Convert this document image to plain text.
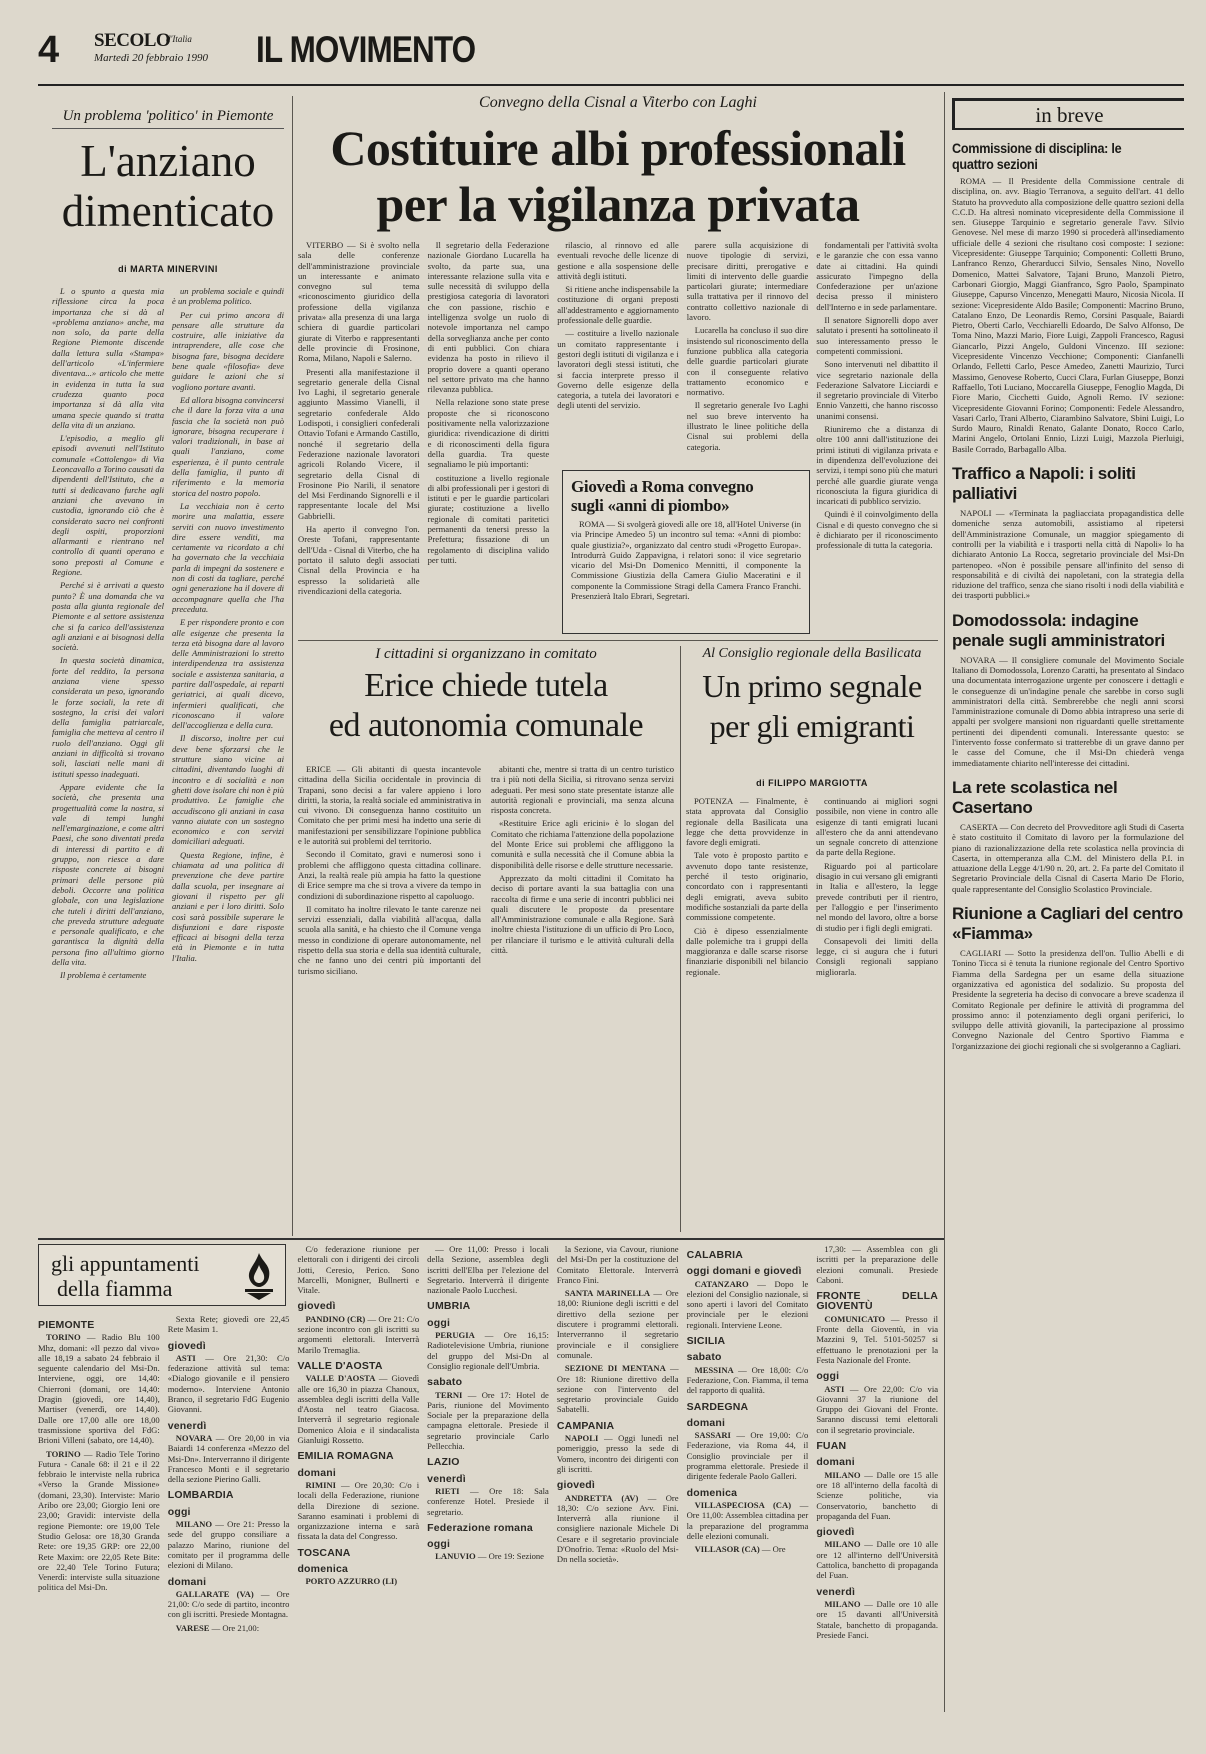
4 SECOLO
d'Italia
Martedì 20 febbraio 1990 IL MOVIMENTO
Un problema 'politico' in Piemonte
L'anziano
dimenticato
di MARTA MINERVINI

L o spunto a questa mia riflessione circa la poca importanza che si dà al «problema anziano» anche, ma non solo, da parte della Regione Piemonte discende dalla lettura sulla «Stampa» dell'articolo «L'infermiere diventava...» articolo che mette in evidenza in tutta la sua crudezza quanto poca importanza si dà alla vita umana specie quando si tratta della vita di un anziano.

L'episodio, a meglio gli episodi avvenuti nell'Istituto comunale «Cottolengo» di Via Leoncavallo a Torino causati da dipendenti dell'Istituto, che a tutti si dedicavano furche agli anziani che avevano in custodia, ignorando ciò che è considerato sacro nei confronti degli ospiti, proporzioni allarmanti e rientrano nel controllo di quanti operano e sono preposti al Comune e Regione.

Perché si è arrivati a questo punto? È una domanda che va posta alla giunta regionale del Piemonte e al settore assistenza che si fa carico dell'assistenza agli anziani e ai bisognosi della società.

In questa società dinamica, forte del reddito, la persona anziana viene spesso considerata un peso, ignorando le forze sociali, la rete di sostegno, la crisi dei valori della famiglia patriarcale, famiglia che metteva al centro il ruolo dell'anziano. Oggi gli anziani in difficoltà si trovano soli, lasciati nelle mani di istituti spesso inadeguati.

Appare evidente che la società, che presenta una progettualità come la nostra, si vale di tempi lunghi nell'emarginazione, e come altri Paesi, che sono diventati preda di interessi di partito e di gruppo, non riesce a dare risposte concrete ai bisogni primari delle persone più deboli. Occorre una politica globale, con una legislazione che tuteli i diritti dell'anziano, che preveda strutture adeguate e personale qualificato, e che garantisca la dignità della persona fino all'ultimo giorno della vita.

Il problema è certamente

un problema sociale e quindi è un problema politico.

Per cui primo ancora di pensare alle strutture da costruire, alle iniziative da intraprendere, alle cose che bisogna fare, bisogna decidere bene quale «filosofia» deve guidare le azioni che si vogliono portare avanti.

Ed allora bisogna convincersi che il dare la forza vita a una fascia che la società non può ignorare, bisogna recuperare i valori tradizionali, in base ai quali l'anziano, come esperienza, è il punto centrale della famiglia, il punto di riferimento e la memoria storica del nostro popolo.

La vecchiaia non è certo morire una malattia, essere serviti con nuovo investimento dire essere venditi, ma certamente va ricordato a chi ha governato che la vecchiaia parla di impegni da sostenere e non di costi da tagliare, perché ogni generazione ha il dovere di accompagnare quella che l'ha preceduta.

E per rispondere pronto e con alle esigenze che presenta la terza età bisogna dare al lavoro delle Amministrazioni lo stretto interdipendenza tra assistenza sociale e assistenza sanitaria, a partire dall'ospedale, ai reparti geriatrici, ai quali dicevo, infermieri qualificati, che riconoscano il valore dell'accoglienza e della cura.

Il discorso, inoltre per cui deve bene sforzarsi che le strutture siano vicine ai cittadini, diventando luoghi di incontro e di socialità e non ghetti dove isolare chi non è più produttivo. Le famiglie che accudiscono gli anziani in casa vanno aiutate con un sostegno economico e con servizi domiciliari adeguati.

Questa Regione, infine, è chiamata ad una politica di prevenzione che deve partire dalla scuola, per insegnare ai giovani il rispetto per gli anziani e per i loro diritti. Solo così sarà possibile superare le disfunzioni e dare risposte efficaci ai bisogni della terza età in Piemonte e in tutta l'Italia.

Convegno della Cisnal a Viterbo con Laghi
Costituire albi professionali
per la vigilanza privata

VITERBO — Si è svolto nella sala delle conferenze dell'amministrazione provinciale un interessante e animato convegno sul tema «riconoscimento giuridico della professione della vigilanza privata» alla presenza di una larga schiera di guardie particolari giurate di Viterbo e rappresentanti delle provincie di Frosinone, Roma, Milano, Napoli e Salerno.

Presenti alla manifestazione il segretario generale della Cisnal Ivo Laghi, il segretario generale aggiunto Massimo Vianelli, il segretario confederale Aldo Lodispoti, i consiglieri confederali Ottavio Tofani e Armando Castillo, nonché il segretario della Federazione nazionale lavoratori agricoli Rolando Vicere, il segretario della Cisnal di Frosinone Pio Narili, il senatore del Msi Ferdinando Signorelli e il rappresentante locale del Msi Gabbrielli.

Ha aperto il convegno l'on. Oreste Tofani, rappresentante dell'Uda - Cisnal di Viterbo, che ha portato il saluto degli associati Cisnal della Provincia e ha espresso la solidarietà alle rivendicazioni della categoria.

Il segretario della Federazione nazionale Giordano Lucarella ha svolto, da parte sua, una interessante relazione sulla vita e sulle necessità di sviluppo della prestigiosa categoria di lavoratori che con passione, rischio e intelligenza svolge un ruolo di notevole importanza nel campo della sorveglianza anche per conto di enti pubblici. Con chiara evidenza ha posto in rilievo il proprio dovere a quanti operano nel settore privato ma che hanno rilevanza pubblica.

Nella relazione sono state prese proposte che si riconoscono positivamente nella valorizzazione giuridica: rivendicazione di diritti e di riconoscimenti della figura della guardia. Tra queste segnaliamo le più importanti:

costituzione a livello regionale di albi professionali per i gestori di istituti e per le guardie particolari giurate; costituzione a livello regionale di comitati paritetici permanenti da tenersi presso la Prefettura; fissazione di un regolamento di disciplina valido per tutti.

rilascio, al rinnovo ed alle eventuali revoche delle licenze di gestione e alla sospensione delle attività degli istituti.

Si ritiene anche indispensabile la costituzione di organi preposti all'addestramento e aggiornamento professionale delle guardie.

— costituire a livello nazionale un comitato rappresentante i gestori degli istituti di vigilanza e i lavoratori degli stessi istituti, che si faccia interprete presso il Governo delle esigenze della categoria, a tutela dei lavoratori e degli utenti del servizio.

parere sulla acquisizione di nuove tipologie di servizi, precisare diritti, prerogative e limiti di intervento delle guardie particolari giurate; intermediare sulla trattativa per il rinnovo del contratto collettivo nazionale di lavoro.

Lucarella ha concluso il suo dire insistendo sul riconoscimento della funzione pubblica alla categoria delle guardie particolari giurate con il conseguente relativo trattamento economico e normativo.

Il segretario generale Ivo Laghi nel suo breve intervento ha illustrato le linee politiche della Cisnal sui problemi della categoria.

fondamentali per l'attività svolta e le garanzie che con essa vanno date ai cittadini. Ha quindi assicurato l'impegno della Confederazione per un'azione decisa presso il ministero dell'Interno e in sede parlamentare.

Il senatore Signorelli dopo aver salutato i presenti ha sottolineato il suo interessamento presso le competenti commissioni.

Sono intervenuti nel dibattito il vice segretario nazionale della Federazione Salvatore Licciardi e il segretario provinciale di Viterbo Ennio Vanzetti, che hanno riscosso unanimi consensi.

Riuniremo che a distanza di oltre 100 anni dall'istituzione dei primi istituti di vigilanza privata e in dipendenza dell'evoluzione dei servizi, i tempi sono più che maturi perché alle guardie giurate venga riconosciuta la figura giuridica di incaricati di pubblico servizio.

Quindi è il coinvolgimento della Cisnal e di questo convegno che si è dichiarato per il riconoscimento professionale di tutta la categoria.

Giovedì a Roma convegno
sugli «anni di piombo»
ROMA — Si svolgerà giovedì alle ore 18, all'Hotel Universe (in via Principe Amedeo 5) un incontro sul tema: «Anni di piombo: quale giustizia?», organizzato dal centro studi «Progetto Europa». Introdurrà Guido Zappavigna, i relatori sono: il vice segretario vicario del Msi-Dn Domenico Mennitti, il componente la Commissione Giustizia della Camera Giulio Maceratini e il componente la Commissione Stragi della Camera Franco Franchi. Presenzierà Italo Ebrari, Segretari.
I cittadini si organizzano in comitato
Erice chiede tutela
ed autonomia comunale

ERICE — Gli abitanti di questa incantevole cittadina della Sicilia occidentale in provincia di Trapani, sono decisi a far valere appieno i loro diritti, la storia, la realtà sociale ed amministrativa in cui vivono. Di conseguenza hanno costituito un Comitato che per primi mesi ha indetto una serie di manifestazioni per sensibilizzare l'opinione pubblica e le autorità sui problemi del territorio.

Secondo il Comitato, gravi e numerosi sono i problemi che affliggono questa cittadina collinare. Anzi, la realtà reale più ampia ha fatto la questione di Erice sempre ma che si trova a vivere da tempo in condizioni di subordinazione rispetto al capoluogo.

Il comitato ha inoltre rilevato le tante carenze nei servizi essenziali, dalla viabilità all'acqua, dalla scuola alla sanità, e ha chiesto che il Comune venga messo in condizione di operare autonomamente, nel rispetto della sua storia e della sua identità culturale, che ne fanno uno dei centri più importanti del turismo siciliano.

abitanti che, mentre si tratta di un centro turistico tra i più noti della Sicilia, si ritrovano senza servizi adeguati. Per mesi sono state presentate istanze alle autorità regionali e provinciali, ma senza alcuna risposta concreta.

«Restituire Erice agli ericini» è lo slogan del Comitato che richiama l'attenzione della popolazione del Monte Erice sui problemi che affliggono la comunità e sulla necessità che il Comune abbia la disponibilità delle risorse e delle strutture necessarie.

Apprezzato da molti cittadini il Comitato ha deciso di portare avanti la sua battaglia con una raccolta di firme e una serie di incontri pubblici nei quali discutere le proposte da presentare all'Amministrazione comunale e alla Regione. Sarà inoltre chiesta l'istituzione di un ufficio di Pro Loco, per rilanciare il turismo e le attività culturali della città.

Al Consiglio regionale della Basilicata
Un primo segnale
per gli emigranti
di FILIPPO MARGIOTTA

POTENZA — Finalmente, è stata approvata dal Consiglio regionale della Basilicata una legge che detta provvidenze in favore degli emigrati.

Tale voto è proposto partito e avvenuto dopo tante resistenze, perché il testo originario, concordato con i rappresentanti degli emigrati, aveva subito modifiche sostanziali da parte della commissione competente.

Ciò è dipeso essenzialmente dalle polemiche tra i gruppi della maggioranza e dalle scarse risorse finanziarie disponibili nel bilancio regionale.

continuando ai migliori sogni possibile, non viene in contro alle esigenze di tanti emigrati lucani all'estero che da anni attendevano un segnale concreto di attenzione da parte della Regione.

Riguardo poi al particolare disagio in cui versano gli emigranti in Italia e all'estero, la legge prevede contributi per il rientro, per l'alloggio e per l'inserimento nel mondo del lavoro, oltre a borse di studio per i figli degli emigrati.

Consapevoli dei limiti della legge, ci si augura che i futuri Consigli regionali sappiano migliorarla.

in breve
Commissione di disciplina: le quattro sezioni
ROMA — Il Presidente della Commissione centrale di disciplina, on. avv. Biagio Terranova, a seguito dell'art. 41 dello Statuto ha provveduto alla composizione delle quattro sezioni della C.C.D. Ha altresì nominato vicepresidente della Commissione il sen. Giuseppe Tarquinio e segretario generale l'avv. Silvio Genovese. Nel mese di marzo 1990 si procederà all'insediamento ufficiale delle 4 sezioni che risultano così composte: I sezione: Vicepresidente: Giuseppe Tarquinio; Componenti: Colletti Bruno, Lanfranco Renzo, Gherarducci Silvio, Sensales Nino, Novello Domenico, Mattei Salvatore, Tajani Bruno, Manzoli Pietro, Carbonari Giorgio, Maggi Gianfranco, Sgro Paolo, Spampinato Giuseppe, Capurso Vincenzo, Menegatti Mauro, Nicosia Nicola. II sezione: Vicepresidente Aldo Basile; Componenti: Macrino Bruno, Catalano Enzo, De Leonardis Remo, Corsini Pasquale, Baiardi Pietro, Oberti Carlo, Vecchiarelli Edoardo, De Salvo Alfonso, De Toma Nino, Mazzi Mario, Fiore Luigi, Zappoli Francesco, Ragusi Giancarlo, Pizzi Angelo, Guldoni Vincenzo. III sezione: Vicepresidente Vincenzo Vecchione; Componenti: Cianfanelli Orlando, Felletti Carlo, Pesce Amedeo, Zanetti Maurizio, Turci Massimo, Genovese Roberto, Cucci Clara, Furlan Giuseppe, Bonzi Raffaello, Toti Luciano, Moccarella Giuseppe, Fenoglio Magda, Di Fiore Mario, Cicchetti Guido, Agnoli Remo. IV sezione: Vicepresidente Giovanni Forino; Componenti: Fedele Alessandro, Vasari Carlo, Trani Alberto, Ciarambino Salvatore, Sbini Luigi, Lo Surdo Mauro, Rinaldi Renato, Galante Donato, Rocco Carlo, Marini Angelo, Ortolani Ennio, Lizzi Luigi, Mazzola Pierluigi, Basile Corrado, Barbagallo Alba.
Traffico a Napoli: i soliti palliativi
NAPOLI — «Terminata la pagliacciata propagandistica delle domeniche senza automobili, assistiamo al ripetersi dell'Amministrazione Comunale, un maggior spiegamento di controlli per la viabilità e i trasporti nella città di Napoli» lo ha dichiarato Antonio La Rocca, segretario provinciale del Msi-Dn partenopeo. «Non è possibile pensare all'infinito del senso di responsabilità e di civiltà dei napoletani, con la strategia della riduzione del traffico, senza che siano risolti i nodi della viabilità e dei trasporti pubblici.»
Domodossola: indagine penale sugli amministratori
NOVARA — Il consigliere comunale del Movimento Sociale Italiano di Domodossola, Lorenzo Caratti, ha presentato al Sindaco una documentata interrogazione urgente per conoscere i dettagli e le conseguenze di un'indagine penale che sarebbe in corso sugli amministratori della città. Sembrerebbe che negli anni scorsi l'amministrazione comunale di Domo abbia intrapreso una serie di appalti per svolgere mansioni non riguardanti quelle strettamente pertinenti dei dipendenti comunali. Interessante questo: se l'intervento fosse confermato si tratterebbe di un grave danno per le casse del Comune, che il Msi-Dn chiederà venga immediatamente chiarito nell'interesse dei cittadini.
La rete scolastica nel Casertano
CASERTA — Con decreto del Provveditore agli Studi di Caserta è stato costituito il Comitato di lavoro per la formulazione del piano di razionalizzazione della rete scolastica nella provincia di Caserta, in ottemperanza alla C.M. del Ministero della P.I. in attuazione della Legge 4/1/90 n. 20, art. 2. Fa parte del Comitato il Segretario Provinciale della Cisnal di Caserta Mario De Florio, quale rappresentante del Consiglio Scolastico Provinciale.
Riunione a Cagliari del centro «Fiamma»
CAGLIARI — Sotto la presidenza dell'on. Tullio Abelli e di Tonino Ticca si è tenuta la riunione regionale del Centro Sportivo Fiamma della Sardegna per un esame della situazione organizzativa ed agonistica del sodalizio. Su proposta del Presidente la segreteria ha deciso di convocare a breve scadenza il Comitato Regionale per definire le attività di programma del prossimo anno: il potenziamento degli organi periferici, lo sviluppo delle attività giovanili, la partecipazione al prossimo Convegno Nazionale del Centro Sportivo Fiamma e l'organizzazione dei giochi regionali che si svolgeranno a Cagliari.
gli appuntamenti
della fiamma
PIEMONTE

TORINO — Radio Blu 100 Mhz, domani: «Il pezzo dal vivo» alle 18,19 a sabato 24 febbraio il seguente calendario del Msi-Dn. Interviene, oggi, ore 14,40: Chierroni (domani, ore 14,40: Dragin (giovedì, ore 14,40), Martiser (venerdì, ore 14,40). Dalle ore 17,00 alle ore 18,00 trasmissione sportiva del FdG: Brioni Villeni (sabato, ore 14,40).

TORINO — Radio Tele Torino Futura - Canale 68: il 21 e il 22 febbraio le interviste nella rubrica «Verso la Grande Missione» (domani, 23,30). Interviste: Mario Aribo ore 23,00; Giorgio Ieni ore 23,00; Gravidi: interviste della regione Piemonte: ore 19,00 Tele Studio Gelosa: ore 18,30 Granda Rete: ore 19,35 GRP: ore 22,00 Rete Maxim: ore 22,05 Rete Bite: ore 22,40 Tele Torino Futura; Venerdì: interviste sulla situazione politica del Msi-Dn.

Sexta Rete; giovedì ore 22,45 Rete Masim 1.

giovedì

ASTI — Ore 21,30: C/o federazione attività sul tema: «Dialogo giovanile e il pensiero moderno». Interviene Antonio Branco, il segretario FdG Eugenio Giovanni.

venerdì

NOVARA — Ore 20,00 in via Baiardi 14 conferenza «Mezzo del Msi-Dn». Interverranno il dirigente Francesco Monti e il segretario della sezione Pierino Galli.

LOMBARDIA
oggi

MILANO — Ore 21: Presso la sede del gruppo consiliare a palazzo Marino, riunione del comitato per il programma delle elezioni di Milano.

domani

GALLARATE (VA) — Ore 21,00: C/o sede di partito, incontro con gli iscritti. Presiede Montagna.

VARESE — Ore 21,00:

C/o federazione riunione per elettorali con i dirigenti dei circoli Jotti, Ceresio, Perico. Sono Marcelli, Monigner, Bullnerti e Vitale.

giovedì

PANDINO (CR) — Ore 21: C/o sezione incontro con gli iscritti su argomenti elettorali. Interverrà Marilo Tremaglia.

VALLE D'AOSTA

VALLE D'AOSTA — Giovedì alle ore 16,30 in piazza Chanoux, assemblea degli iscritti della Valle d'Aosta nel teatro Giacosa. Interverrà il segretario regionale Domenico Aloia e il sindacalista Gianluigi Rossetto.

EMILIA ROMAGNA
domani

RIMINI — Ore 20,30: C/o i locali della Federazione, riunione della Direzione di sezione. Saranno esaminati i problemi di organizzazione interna e sarà fissata la data del Congresso.

TOSCANA
domenica

PORTO AZZURRO (LI)

— Ore 11,00: Presso i locali della Sezione, assemblea degli iscritti dell'Elba per l'elezione del Segretario. Interverrà il dirigente nazionale Paolo Lucchesi.

UMBRIA
oggi

PERUGIA — Ore 16,15: Radiotelevisione Umbria, riunione del gruppo del Msi-Dn al Consiglio regionale dell'Umbria.

sabato

TERNI — Ore 17: Hotel de Paris, riunione del Movimento Sociale per la preparazione della campagna elettorale. Presiede il segretario provinciale Carlo Pellecchia.

LAZIO
venerdì

RIETI — Ore 18: Sala conferenze Hotel. Presiede il segretario.

Federazione romana
oggi

LANUVIO — Ore 19: Sezione

la Sezione, via Cavour, riunione del Msi-Dn per la costituzione del Comitato Elettorale. Interverrà Franco Fini.

SANTA MARINELLA — Ore 18,00: Riunione degli iscritti e del direttivo della sezione per discutere i programmi elettorali. Interverranno il segretario provinciale e il consigliere comunale.

SEZIONE DI MENTANA — Ore 18: Riunione direttivo della sezione con l'intervento del segretario provinciale Guido Sabatelli.

CAMPANIA

NAPOLI — Oggi lunedì nel pomeriggio, presso la sede di Vomero, incontro dei dirigenti con gli iscritti.

giovedì

ANDRETTA (AV) — Ore 18,30: C/o sezione Avv. Fini. Interverrà alla riunione il consigliere nazionale Michele Di Cesare e il segretario provinciale D'Onofrio. Tema: «Ruolo del Msi-Dn nella società».

CALABRIA
oggi domani e giovedì

CATANZARO — Dopo le elezioni del Consiglio nazionale, si sono aperti i lavori del Comitato provinciale per le elezioni regionali. Interviene Leone.

SICILIA
sabato

MESSINA — Ore 18,00: C/o Federazione, Con. Fiamma, il tema del rapporto di qualità.

SARDEGNA
domani

SASSARI — Ore 19,00: C/o Federazione, via Roma 44, il Consiglio provinciale per il programma elettorale. Presiede il dirigente federale Paolo Galleri.

domenica

VILLASPECIOSA (CA) — Ore 11,00: Assemblea cittadina per la preparazione del programma delle elezioni comunali.

VILLASOR (CA) — Ore

17,30: — Assemblea con gli iscritti per la preparazione delle elezioni comunali. Presiede Caboni.

FRONTE DELLA GIOVENTÙ

COMUNICATO — Presso il Fronte della Gioventù, in via Mazzini 9, Tel. 5101-50257 si effettuano le prenotazioni per la Festa Nazionale del Fronte.

oggi

ASTI — Ore 22,00: C/o via Giovanni 37 la riunione del Gruppo dei Giovani del Fronte. Saranno discussi temi elettorali con il segretario provinciale.

FUAN
domani

MILANO — Dalle ore 15 alle ore 18 all'interno della facoltà di Scienze politiche, via Conservatorio, banchetto di propaganda del Fuan.

giovedì

MILANO — Dalle ore 10 alle ore 12 all'interno dell'Università Cattolica, banchetto di propaganda del Fuan.

venerdì

MILANO — Dalle ore 10 alle ore 15 davanti all'Università Statale, banchetto di propaganda. Presiede Fanci.
